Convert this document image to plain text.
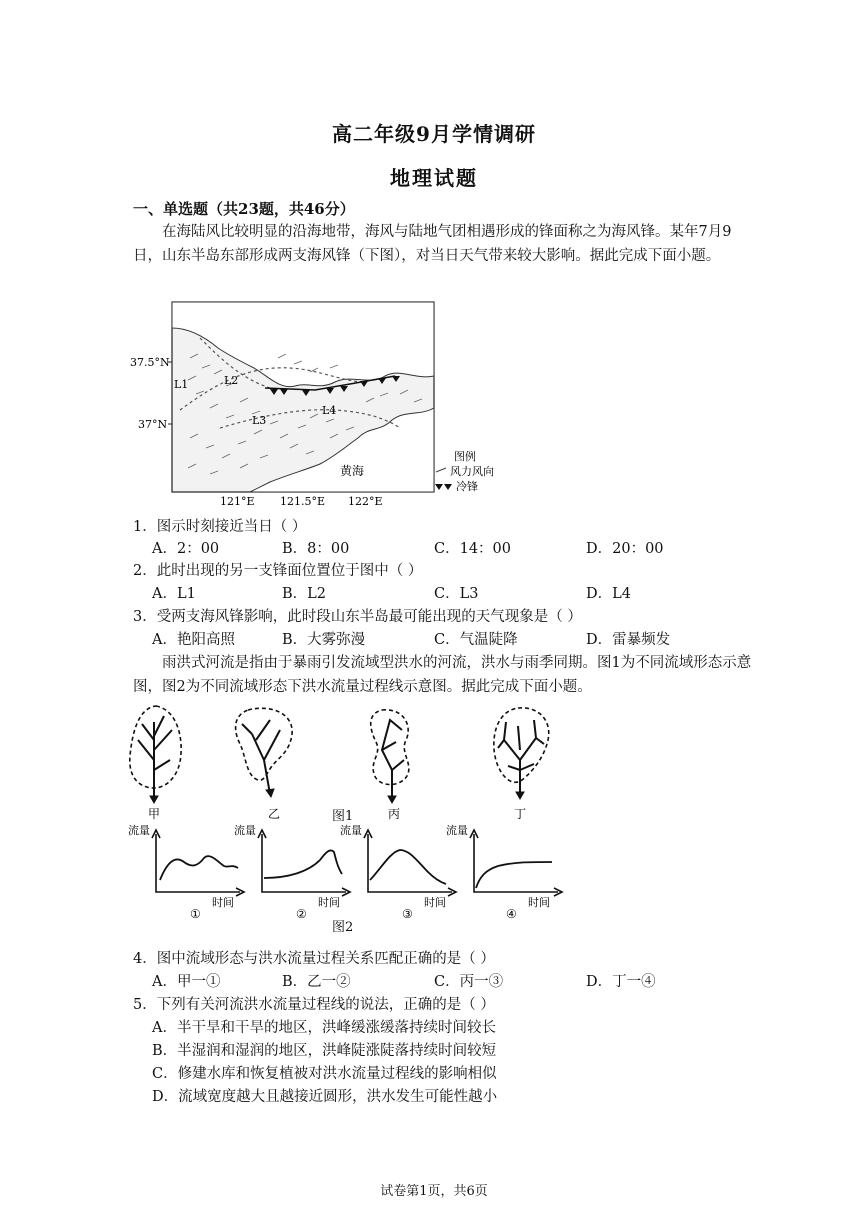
高二年级9月学情调研
地理试题
一、单选题（共23题，共46分）
在海陆风比较明显的沿海地带，海风与陆地气团相遇形成的锋面称之为海风锋。某年7月9日，山东半岛东部形成两支海风锋（下图），对当日天气带来较大影响。据此完成下面小题。
37.5°N
37°N
L1	L2
L3
L4
黄海
121°E 121.5°E 122°E
图例
风力风向
冷锋
1．图示时刻接近当日（ ）
A．2：00	B．8：00	C．14：00	D．20：00
2．此时出现的另一支锋面位置位于图中（ ）
A．L1	B．L2	C．L3	D．L4
3．受两支海风锋影响，此时段山东半岛最可能出现的天气现象是（ ）
A．艳阳高照	B．大雾弥漫	C．气温陡降	D．雷暴频发
雨洪式河流是指由于暴雨引发流域型洪水的河流，洪水与雨季同期。图1为不同流域形态示意图，图2为不同流域形态下洪水流量过程线示意图。据此完成下面小题。
甲	乙	丙	丁
图1
流量	流量	流量	流量
时间	时间	时间	时间
①	②	③	④
图2
4．图中流域形态与洪水流量过程关系匹配正确的是（ ）
A．甲一①	B．乙一②	C．丙一③	D．丁一④
5．下列有关河流洪水流量过程线的说法，正确的是（ ）
A．半干旱和干旱的地区，洪峰缓涨缓落持续时间较长
B．半湿润和湿润的地区，洪峰陡涨陡落持续时间较短
C．修建水库和恢复植被对洪水流量过程线的影响相似
D．流域宽度越大且越接近圆形，洪水发生可能性越小
试卷第1页，共6页
